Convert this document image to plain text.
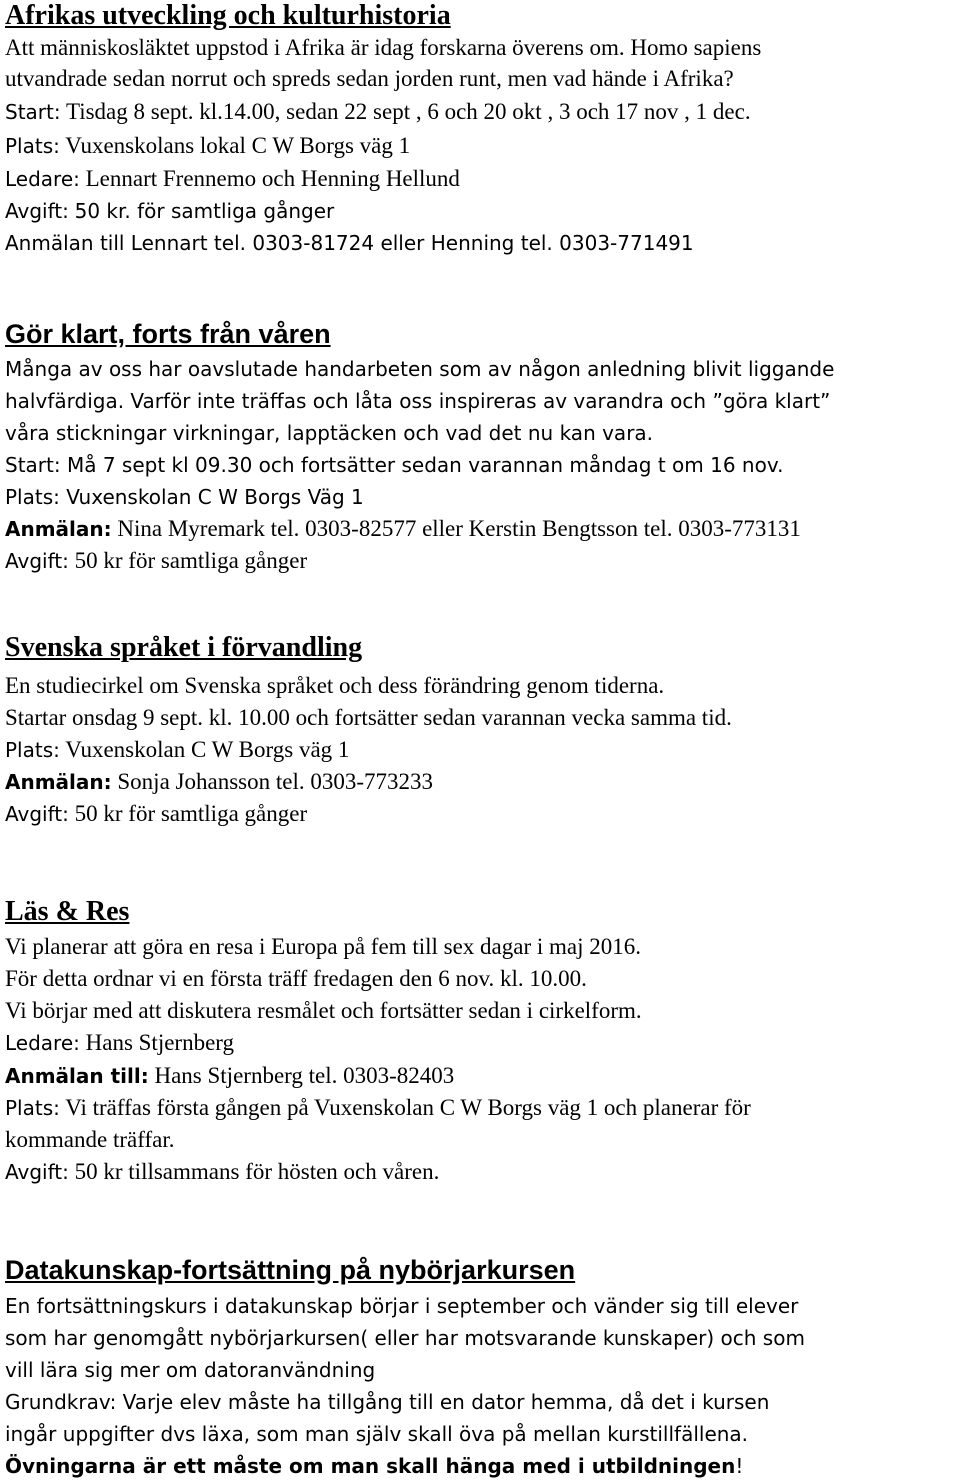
Afrikas utveckling och kulturhistoria
Att människosläktet uppstod i Afrika är idag forskarna överens om. Homo sapiens
utvandrade sedan norrut och spreds sedan jorden runt, men vad hände i Afrika?
Start: Tisdag 8 sept. kl.14.00, sedan 22 sept , 6 och 20 okt , 3 och 17 nov , 1 dec.
Plats: Vuxenskolans lokal C W Borgs väg 1
Ledare: Lennart Frennemo och Henning Hellund
Avgift: 50 kr. för samtliga gånger
Anmälan till Lennart tel. 0303-81724 eller Henning tel. 0303-771491
Gör klart, forts från våren
Många av oss har oavslutade handarbeten som av någon anledning blivit liggande
halvfärdiga. Varför inte träffas och låta oss inspireras av varandra och ”göra klart”
våra stickningar virkningar, lapptäcken och vad det nu kan vara.
Start: Må 7 sept kl 09.30 och fortsätter sedan varannan måndag t om 16 nov.
Plats: Vuxenskolan C W Borgs Väg 1
Anmälan: Nina Myremark tel. 0303-82577 eller Kerstin Bengtsson tel. 0303-773131
Avgift: 50 kr för samtliga gånger
Svenska språket i förvandling
En studiecirkel om Svenska språket och dess förändring genom tiderna.
Startar onsdag 9 sept. kl. 10.00 och fortsätter sedan varannan vecka samma tid.
Plats: Vuxenskolan C W Borgs väg 1
Anmälan: Sonja Johansson tel. 0303-773233
Avgift: 50 kr för samtliga gånger
Läs & Res
Vi planerar att göra en resa i Europa på fem till sex dagar i maj 2016.
För detta ordnar vi en första träff fredagen den 6 nov. kl. 10.00.
Vi börjar med att diskutera resmålet och fortsätter sedan i cirkelform.
Ledare: Hans Stjernberg
Anmälan till: Hans Stjernberg tel. 0303-82403
Plats: Vi träffas första gången på Vuxenskolan C W Borgs väg 1 och planerar för
kommande träffar.
Avgift: 50 kr tillsammans för hösten och våren.
Datakunskap-fortsättning på nybörjarkursen
En fortsättningskurs i datakunskap börjar i september och vänder sig till elever
som har genomgått nybörjarkursen( eller har motsvarande kunskaper) och som
vill lära sig mer om datoranvändning
Grundkrav: Varje elev måste ha tillgång till en dator hemma, då det i kursen
ingår uppgifter dvs läxa, som man själv skall öva på mellan kurstillfällena.
Övningarna är ett måste om man skall hänga med i utbildningen!
